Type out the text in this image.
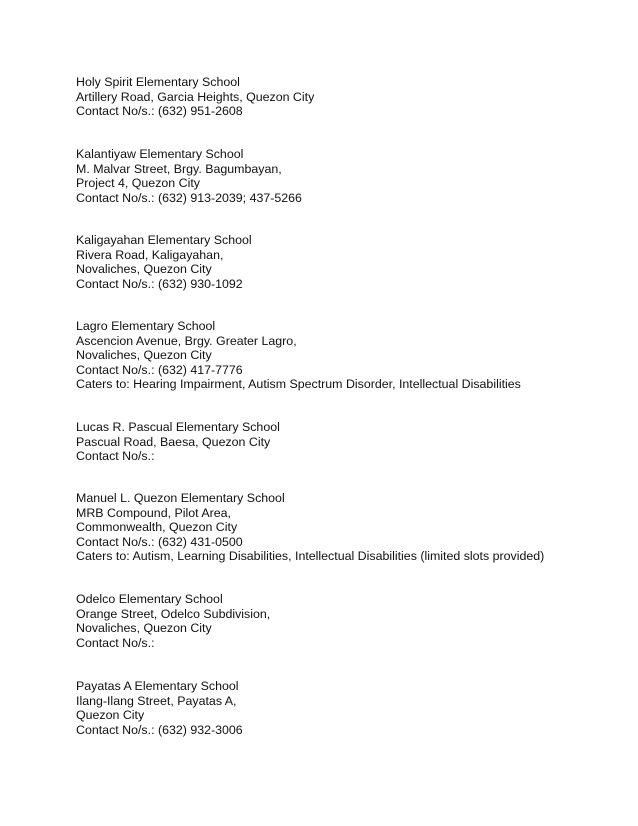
Holy Spirit Elementary School
Artillery Road, Garcia Heights, Quezon City
Contact No/s.: (632) 951-2608
Kalantiyaw Elementary School
M. Malvar Street, Brgy. Bagumbayan,
Project 4, Quezon City
Contact No/s.: (632) 913-2039; 437-5266
Kaligayahan Elementary School
Rivera Road, Kaligayahan,
Novaliches, Quezon City
Contact No/s.: (632) 930-1092
Lagro Elementary School
Ascencion Avenue, Brgy. Greater Lagro,
Novaliches, Quezon City
Contact No/s.: (632) 417-7776
Caters to: Hearing Impairment, Autism Spectrum Disorder, Intellectual Disabilities
Lucas R. Pascual Elementary School
Pascual Road, Baesa, Quezon City
Contact No/s.:
Manuel L. Quezon Elementary School
MRB Compound, Pilot Area,
Commonwealth, Quezon City
Contact No/s.: (632) 431-0500
Caters to: Autism, Learning Disabilities, Intellectual Disabilities (limited slots provided)
Odelco Elementary School
Orange Street, Odelco Subdivision,
Novaliches, Quezon City
Contact No/s.:
Payatas A Elementary School
Ilang-Ilang Street, Payatas A,
Quezon City
Contact No/s.: (632) 932-3006
